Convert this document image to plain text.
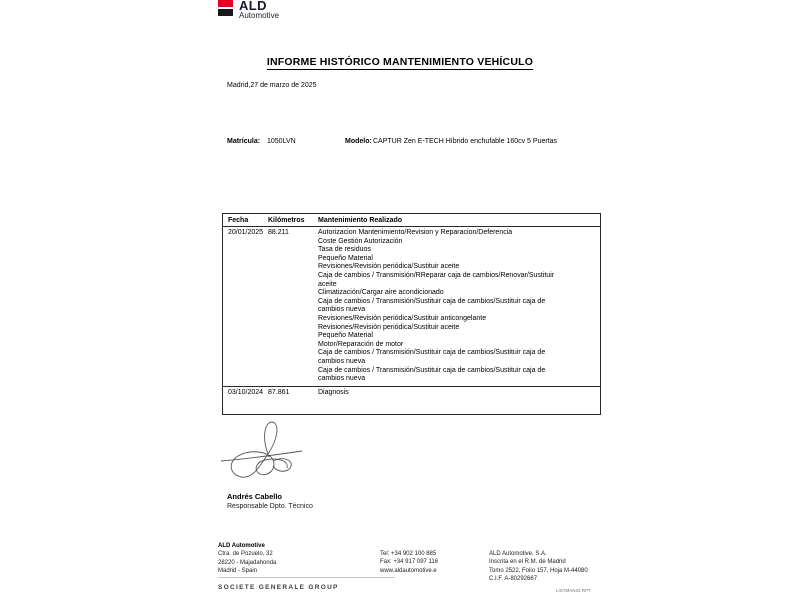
ALD
Automotive
INFORME HISTÓRICO MANTENIMIENTO VEHÍCULO
Madrid,27 de marzo de 2025
Matrícula: 1050LVN	Modelo: CAPTUR Zen E-TECH Híbrido enchufable 160cv 5 Puertas
Fecha	Kilómetros	Mantenimiento Realizado
20/01/2025 88.211	Autorizacion Mantenimiento/Revision y Reparacion/Deferencia
Coste Gestión Autorización
Tasa de residuos
Pequeño Material
Revisiones/Revisión periódica/Sustituir aceite
Caja de cambios / Transmisión/RReparar caja de cambios/Renovar/Sustituir aceite
Climatización/Cargar aire acondicionado
Caja de cambios / Transmisión/Sustituir caja de cambios/Sustituir caja de cambios nueva
Revisiones/Revisión periódica/Sustituir anticongelante
Revisiones/Revisión periódica/Sustituir aceite
Pequeño Material
Motor/Reparación de motor
Caja de cambios / Transmisión/Sustituir caja de cambios/Sustituir caja de cambios nueva
Caja de cambios / Transmisión/Sustituir caja de cambios/Sustituir caja de cambios nueva
03/10/2024 87.861	Diagnosis
Andrés Cabello
Responsable Dpto. Técnico
ALD Automotive
Ctra. de Pozuelo, 32
28220 - Majadahonda
Madrid - Spain
Tel: +34 902 100 885
Fax: +34 917 097 116
www.aldautomotive.e
ALD Automotive, S.A.
Inscrita en el R.M. de Madrid
Tomo 2522, Folio 157, Hoja M-44080
C.I.F. A-80292667
SOCIETE GENERALE GROUP	LISTMAN32.RPT
